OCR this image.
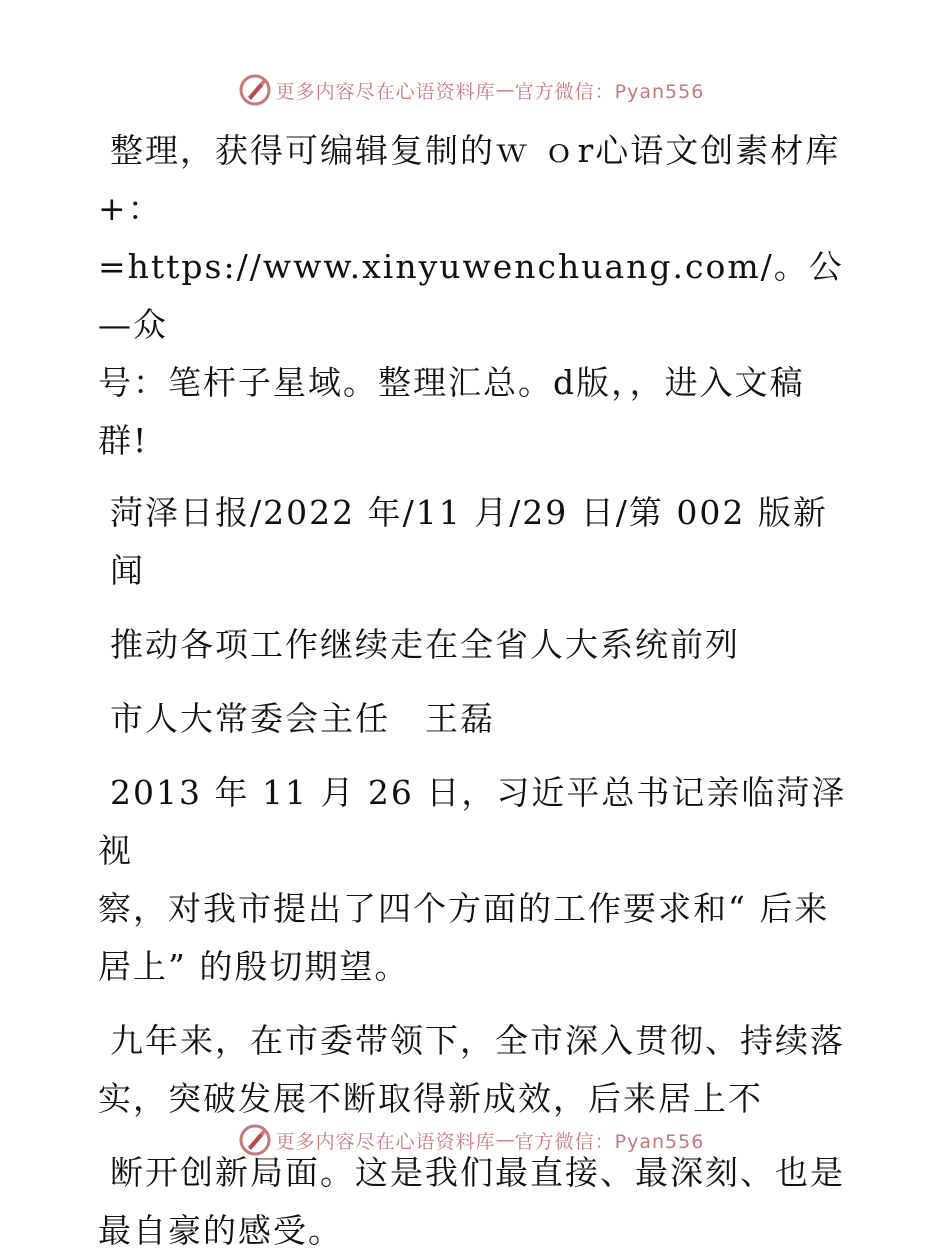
更多内容尽在心语资料库 — 官方微信：Pyan556

整理，获得可编辑复制的ｗ ｏr心语文创素材库
+：=https://www.xinyuwenchuang.com/。公—众
号：笔杆子星域。整理汇总。d版，，进入文稿
群!

菏泽日报/2022 年/11 月/29 日/第 002 版新闻

推动各项工作继续走在全省人大系统前列

市人大常委会主任　王磊

2013 年 11 月 26 日，习近平总书记亲临菏泽视
察，对我市提出了四个方面的工作要求和“ 后来
居上” 的殷切期望。

九年来，在市委带领下，全市深入贯彻、持续落
实，突破发展不断取得新成效，后来居上不

断开创新局面。这是我们最直接、最深刻、也是
最自豪的感受。

更多内容尽在心语资料库 — 官方微信：Pyan556
